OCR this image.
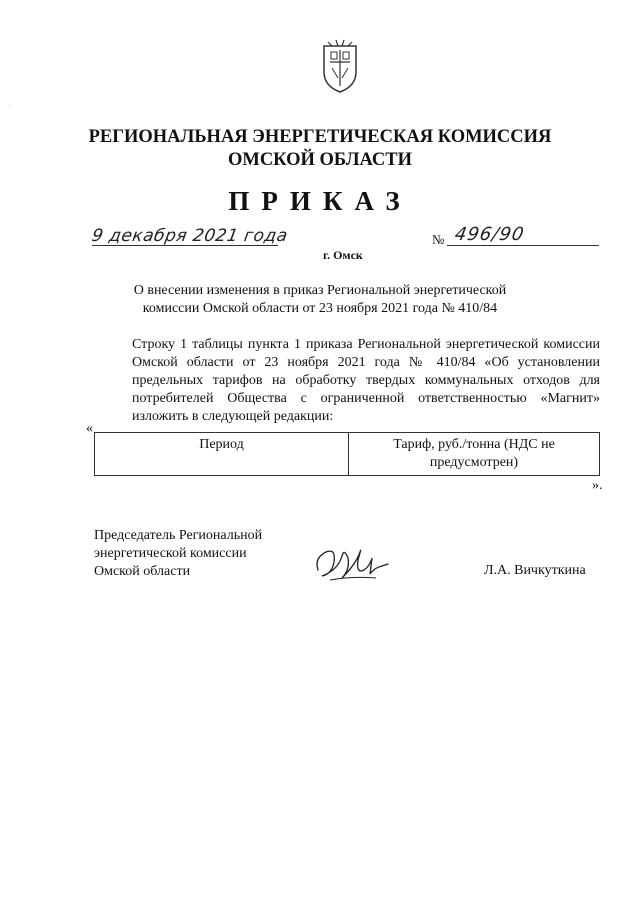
·
РЕГИОНАЛЬНАЯ ЭНЕРГЕТИЧЕСКАЯ КОМИССИЯ
ОМСКОЙ ОБЛАСТИ
ПРИКАЗ
9 декабря 2021 года
г. Омск
№ 496/90
О внесении изменения в приказ Региональной энергетической
комиссии Омской области от 23 ноября 2021 года № 410/84
Строку 1 таблицы пункта 1 приказа Региональной энергетической комиссии Омской области от 23 ноября 2021 года № 410/84 «Об установлении предельных тарифов на обработку твердых коммунальных отходов для потребителей Общества с ограниченной ответственностью «Магнит» изложить в следующей редакции:
«
Период	Тариф, руб./тонна (НДС не предусмотрен)
».
Председатель Региональной
энергетической комиссии
Омской области	Л.А. Вичкуткина
